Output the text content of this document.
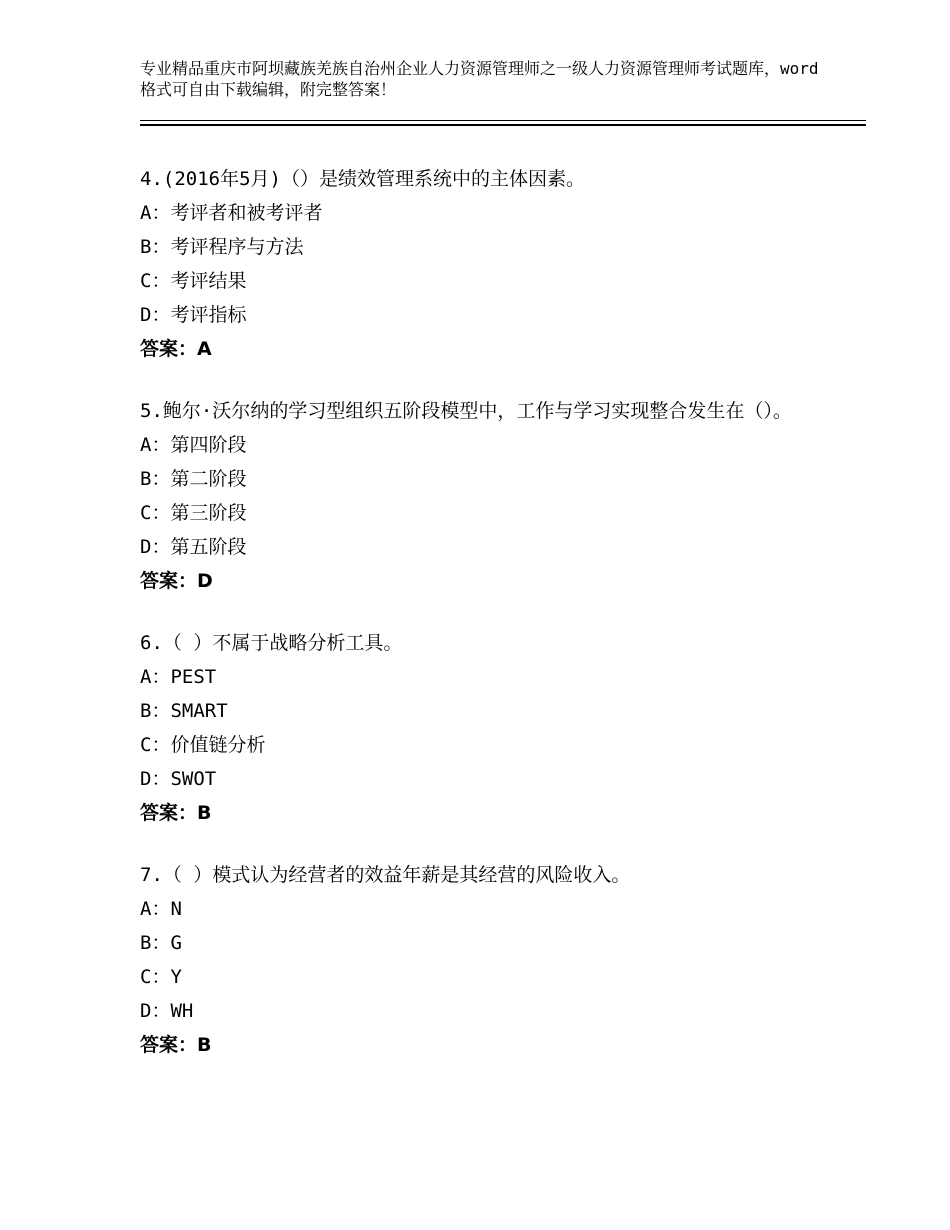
专业精品重庆市阿坝藏族羌族自治州企业人力资源管理师之一级人力资源管理师考试题库，word格式可自由下载编辑，附完整答案！

4.(2016年5月)（）是绩效管理系统中的主体因素。

A：考评者和被考评者

B：考评程序与方法

C：考评结果

D：考评指标

答案：A

5.鲍尔·沃尔纳的学习型组织五阶段模型中，工作与学习实现整合发生在（）。

A：第四阶段

B：第二阶段

C：第三阶段

D：第五阶段

答案：D

6.（ ）不属于战略分析工具。

A：PEST

B：SMART

C：价值链分析

D：SWOT

答案：B

7.（ ）模式认为经营者的效益年薪是其经营的风险收入。

A：N

B：G

C：Y

D：WH

答案：B
